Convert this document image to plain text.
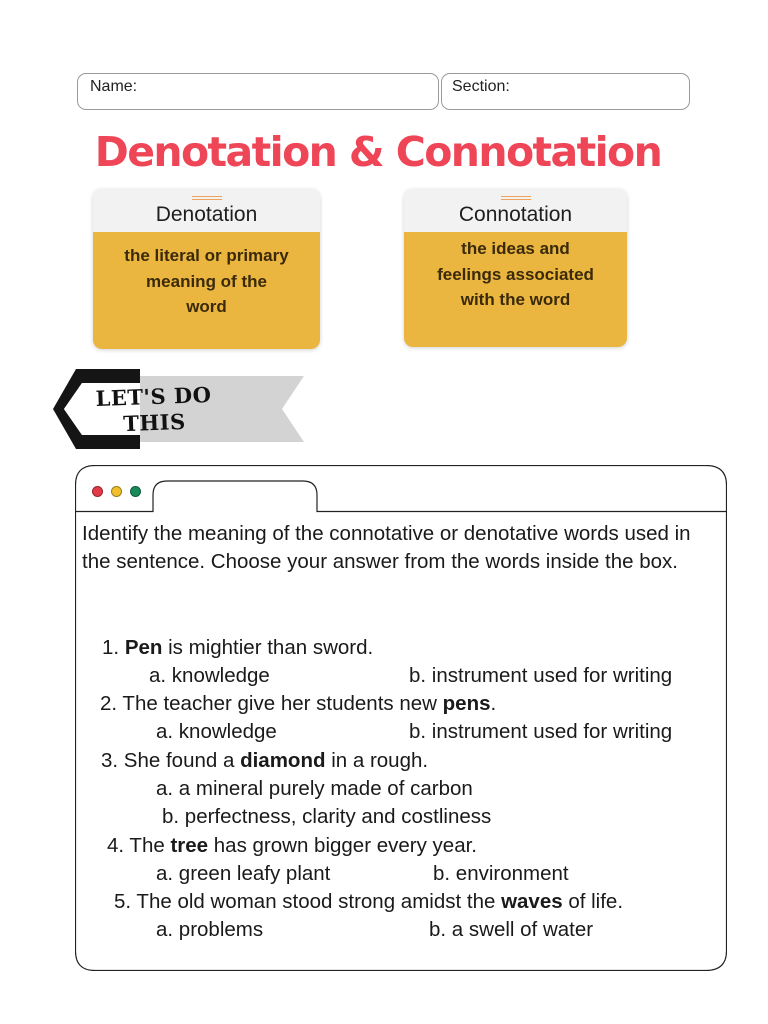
Name:	Section:
Denotation & Connotation
Denotation
the literal or primary
meaning of the
word
Connotation
the ideas and
feelings associated
with the word
LET'S DO
THIS

Identify the meaning of the connotative or denotative words used in the sentence. Choose your answer from the words inside the box.

1. Pen is mightier than sword.
a. knowledge	b. instrument used for writing
2. The teacher give her students new pens.
a. knowledge	b. instrument used for writing
3. She found a diamond in a rough.
a. a mineral purely made of carbon
b. perfectness, clarity and costliness
4. The tree has grown bigger every year.
a. green leafy plant	b. environment
5. The old woman stood strong amidst the waves of life.
a. problems	b. a swell of water
